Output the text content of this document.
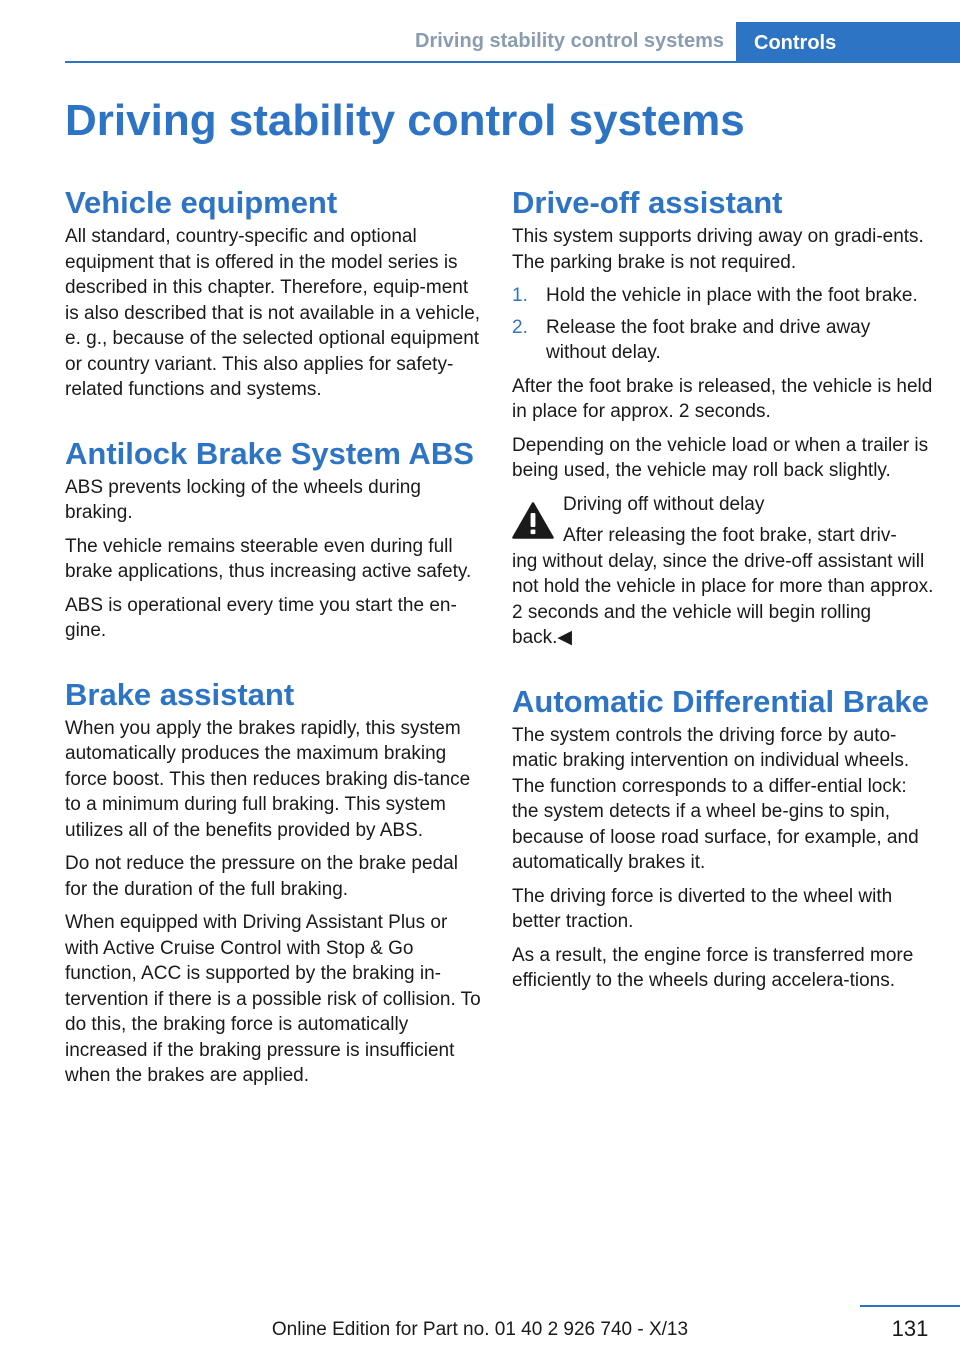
Driving stability control systems	Controls
Driving stability control systems
Vehicle equipment

All standard, country-specific and optional equipment that is offered in the model series is described in this chapter. Therefore, equip‐ment is also described that is not available in a vehicle, e. g., because of the selected optional equipment or country variant. This also applies for safety-related functions and systems.

Antilock Brake System ABS

ABS prevents locking of the wheels during braking.

The vehicle remains steerable even during full brake applications, thus increasing active safety.

ABS is operational every time you start the en‐gine.

Brake assistant

When you apply the brakes rapidly, this system automatically produces the maximum braking force boost. This then reduces braking dis‐tance to a minimum during full braking. This system utilizes all of the benefits provided by ABS.

Do not reduce the pressure on the brake pedal for the duration of the full braking.

When equipped with Driving Assistant Plus or with Active Cruise Control with Stop & Go function, ACC is supported by the braking in‐tervention if there is a possible risk of collision. To do this, the braking force is automatically increased if the braking pressure is insufficient when the brakes are applied.

Drive-off assistant

This system supports driving away on gradi‐ents. The parking brake is not required.

1. Hold the vehicle in place with the foot brake.
2. Release the foot brake and drive away without delay.

After the foot brake is released, the vehicle is held in place for approx. 2 seconds.

Depending on the vehicle load or when a trailer is being used, the vehicle may roll back slightly.

Driving off without delay

After releasing the foot brake, start driv‐

ing without delay, since the drive-off assistant will not hold the vehicle in place for more than approx. 2 seconds and the vehicle will begin rolling back.◀

Automatic Differential Brake

The system controls the driving force by auto‐matic braking intervention on individual wheels. The function corresponds to a differ‐ential lock: the system detects if a wheel be‐gins to spin, because of loose road surface, for example, and automatically brakes it.

The driving force is diverted to the wheel with better traction.

As a result, the engine force is transferred more efficiently to the wheels during accelera‐tions.

131
Online Edition for Part no. 01 40 2 926 740 - X/13
